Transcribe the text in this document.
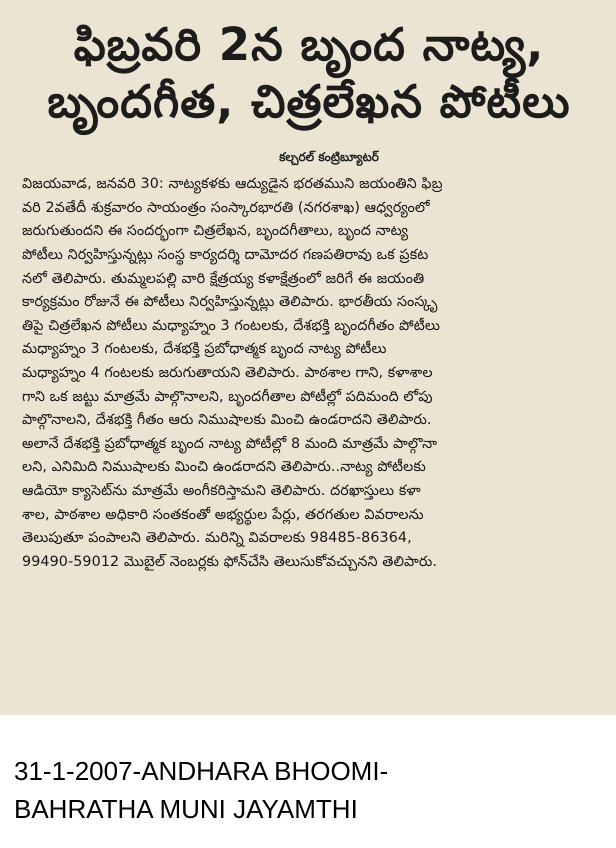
ఫిబ్రవరి 2న బృంద నాట్య,
బృందగీత, చిత్రలేఖన పోటీలు
కల్చరల్ కంట్రిబ్యూటర్
విజయవాడ, జనవరి 30: నాట్యకళకు ఆద్యుడైన భరతముని జయంతిని ఫిబ్ర
వరి 2వతేదీ శుక్రవారం సాయంత్రం సంస్కారభారతి (నగరశాఖ) ఆధ్వర్యంలో
జరుగుతుందని ఈ సందర్భంగా చిత్రలేఖన, బృందగీతాలు, బృంద నాట్య
పోటీలు నిర్వహిస్తున్నట్లు సంస్థ కార్యదర్శి దామోదర గణపతిరావు ఒక ప్రకట
నలో తెలిపారు. తుమ్మలపల్లి వారి క్షేత్రయ్య కళాక్షేత్రంలో జరిగే ఈ జయంతి
కార్యక్రమం రోజునే ఈ పోటీలు నిర్వహిస్తున్నట్లు తెలిపారు. భారతీయ సంస్కృ
తిపై చిత్రలేఖన పోటీలు మధ్యాహ్నం 3 గంటలకు, దేశభక్తి బృందగీతం పోటీలు
మధ్యాహ్నం 3 గంటలకు, దేశభక్తి ప్రబోధాత్మక బృంద నాట్య పోటీలు
మధ్యాహ్నం 4 గంటలకు జరుగుతాయని తెలిపారు. పాఠశాల గాని, కళాశాల
గాని ఒక జట్టు మాత్రమే పాల్గొనాలని, బృందగీతాల పోటీల్లో పదిమంది లోపు
పాల్గొనాలని, దేశభక్తి గీతం ఆరు నిముషాలకు మించి ఉండరాదని తెలిపారు.
అలానే దేశభక్తి ప్రబోధాత్మక బృంద నాట్య పోటీల్లో 8 మంది మాత్రమే పాల్గొనా
లని, ఎనిమిది నిముషాలకు మించి ఉండరాదని తెలిపారు..నాట్య పోటీలకు
ఆడియో క్యాసెట్‌ను మాత్రమే అంగీకరిస్తామని తెలిపారు. దరఖాస్తులు కళా
శాల, పాఠశాల అధికారి సంతకంతో అభ్యర్థుల పేర్లు, తరగతుల వివరాలను
తెలుపుతూ పంపాలని తెలిపారు. మరిన్ని వివరాలకు 98485-86364,
99490-59012 మొబైల్ నెంబర్లకు ఫోన్‌చేసి తెలుసుకోవచ్చునని తెలిపారు.
31-1-2007-ANDHARA BHOOMI-
BAHRATHA MUNI JAYAMTHI
